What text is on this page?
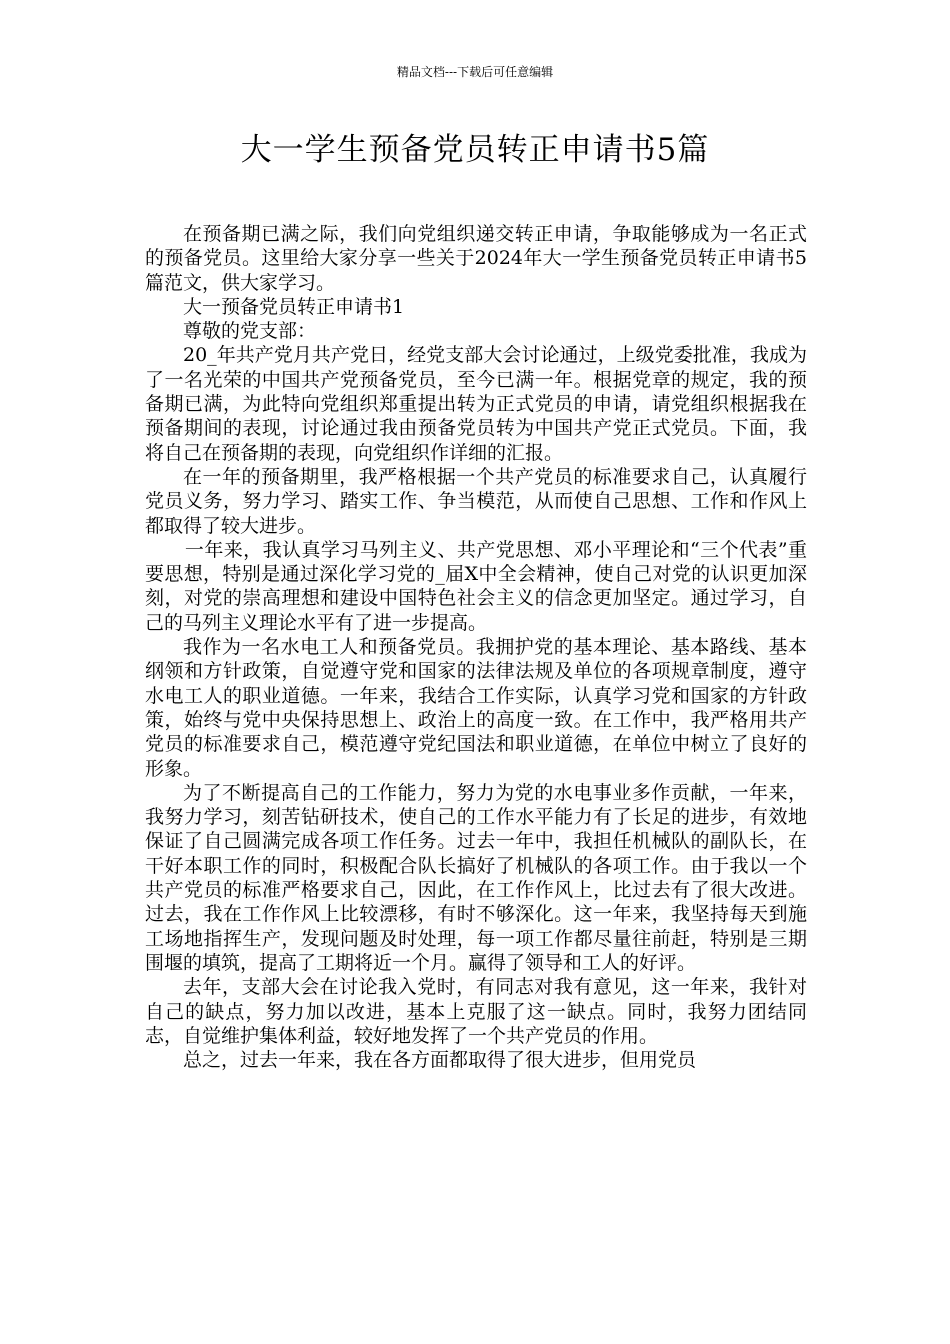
精品文档---下载后可任意编辑
大一学生预备党员转正申请书5篇

在预备期已满之际，我们向党组织递交转正申请，争取能够成为一名正式的预备党员。这里给大家分享一些关于2024年大一学生预备党员转正申请书5篇范文，供大家学习。

大一预备党员转正申请书1

尊敬的党支部：

20_年共产党月共产党日，经党支部大会讨论通过，上级党委批准，我成为了一名光荣的中国共产党预备党员，至今已满一年。根据党章的规定，我的预备期已满，为此特向党组织郑重提出转为正式党员的申请，请党组织根据我在预备期间的表现，讨论通过我由预备党员转为中国共产党正式党员。下面，我将自己在预备期的表现，向党组织作详细的汇报。

在一年的预备期里，我严格根据一个共产党员的标准要求自己，认真履行党员义务，努力学习、踏实工作、争当模范，从而使自己思想、工作和作风上都取得了较大进步。

一年来，我认真学习马列主义、共产党思想、邓小平理论和“三个代表”重要思想，特别是通过深化学习党的_届X中全会精神，使自己对党的认识更加深刻，对党的崇高理想和建设中国特色社会主义的信念更加坚定。通过学习，自己的马列主义理论水平有了进一步提高。

我作为一名水电工人和预备党员。我拥护党的基本理论、基本路线、基本纲领和方针政策，自觉遵守党和国家的法律法规及单位的各项规章制度，遵守水电工人的职业道德。一年来，我结合工作实际，认真学习党和国家的方针政策，始终与党中央保持思想上、政治上的高度一致。在工作中，我严格用共产党员的标准要求自己，模范遵守党纪国法和职业道德，在单位中树立了良好的形象。

为了不断提高自己的工作能力，努力为党的水电事业多作贡献，一年来，我努力学习，刻苦钻研技术，使自己的工作水平能力有了长足的进步，有效地保证了自己圆满完成各项工作任务。过去一年中，我担任机械队的副队长，在干好本职工作的同时，积极配合队长搞好了机械队的各项工作。由于我以一个共产党员的标准严格要求自己，因此，在工作作风上，比过去有了很大改进。过去，我在工作作风上比较漂移，有时不够深化。这一年来，我坚持每天到施工场地指挥生产，发现问题及时处理，每一项工作都尽量往前赶，特别是三期围堰的填筑，提高了工期将近一个月。赢得了领导和工人的好评。

去年，支部大会在讨论我入党时，有同志对我有意见，这一年来，我针对自己的缺点，努力加以改进，基本上克服了这一缺点。同时，我努力团结同志，自觉维护集体利益，较好地发挥了一个共产党员的作用。

总之，过去一年来，我在各方面都取得了很大进步，但用党员
